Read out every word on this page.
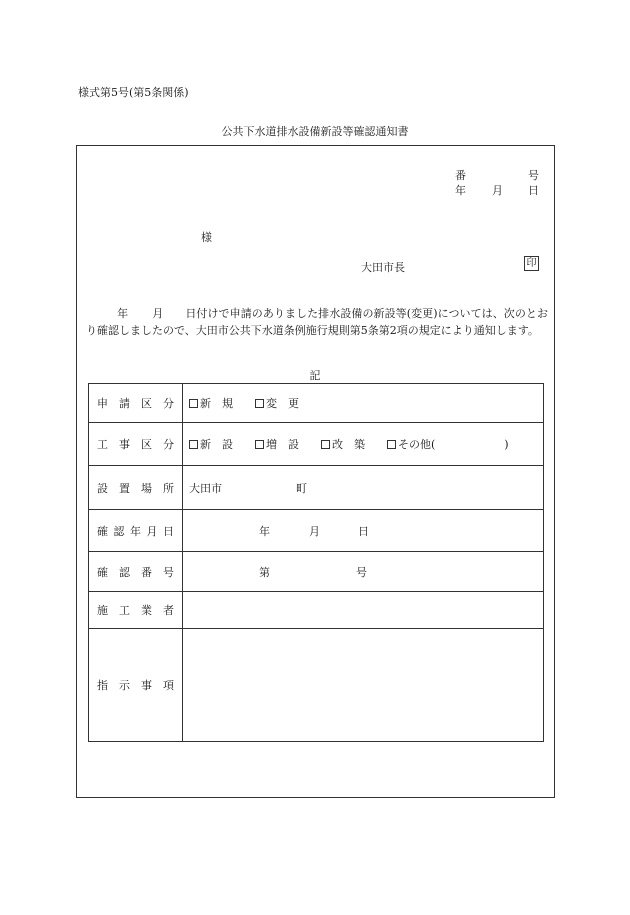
様式第5号(第5条関係)
公共下水道排水設備新設等確認通知書
番	号
年 月 日
様
大田市長	印
年 月 日付けで申請のありました排水設備の新設等(変更)については、次のとおり確認しましたので、大田市公共下水道条例施行規則第5条第2項の規定により通知します。
記
申 請 区 分	新　規 変　更

工 事 区 分	新　設 増　設 改　築 その他( )

設 置 場 所	大田市 町

確 認 年 月 日	年 月 日

確 認 番 号	第 号

施 工 業 者	

指 示 事 項	
